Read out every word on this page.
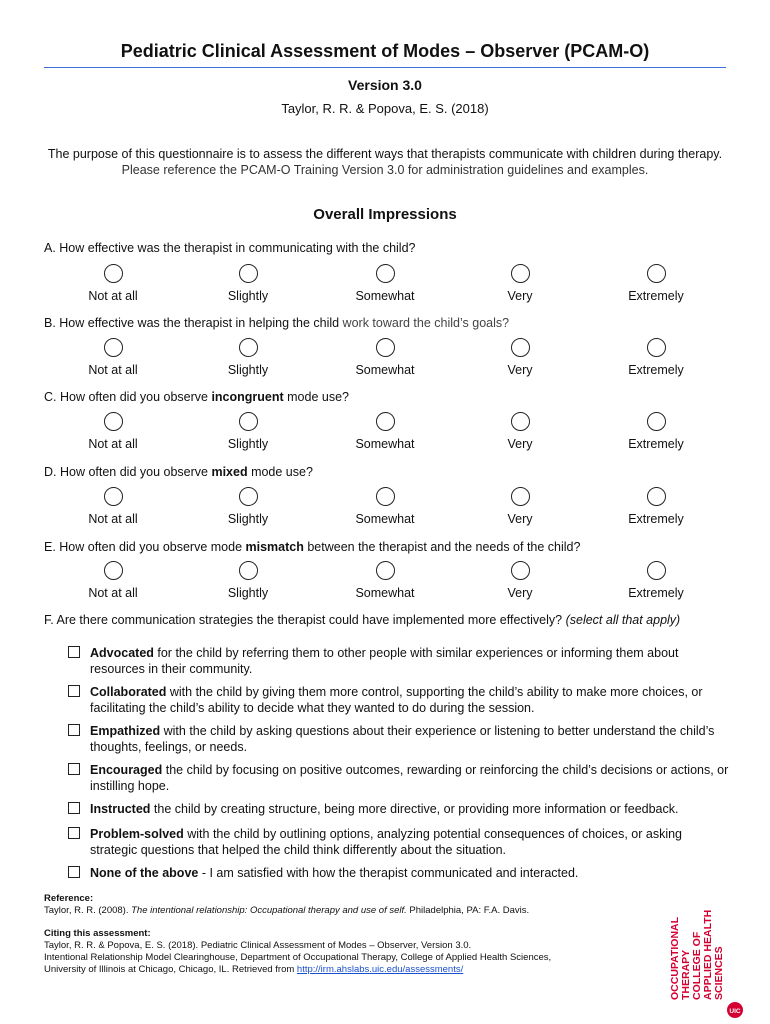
Pediatric Clinical Assessment of Modes – Observer (PCAM-O)
Version 3.0
Taylor, R. R. & Popova, E. S. (2018)
The purpose of this questionnaire is to assess the different ways that therapists communicate with children during therapy.
Please reference the PCAM-O Training Version 3.0 for administration guidelines and examples.
Overall Impressions
A. How effective was the therapist in communicating with the child?
Not at all	Slightly	Somewhat	Very	Extremely
B. How effective was the therapist in helping the child work toward the child’s goals?
Not at all	Slightly	Somewhat	Very	Extremely
C. How often did you observe incongruent mode use?
Not at all	Slightly	Somewhat	Very	Extremely
D. How often did you observe mixed mode use?
Not at all	Slightly	Somewhat	Very	Extremely
E. How often did you observe mode mismatch between the therapist and the needs of the child?
Not at all	Slightly	Somewhat	Very	Extremely
F. Are there communication strategies the therapist could have implemented more effectively? (select all that apply)
Advocated for the child by referring them to other people with similar experiences or informing them about resources in their community.
Collaborated with the child by giving them more control, supporting the child’s ability to make more choices, or facilitating the child’s ability to decide what they wanted to do during the session.
Empathized with the child by asking questions about their experience or listening to better understand the child’s thoughts, feelings, or needs.
Encouraged the child by focusing on positive outcomes, rewarding or reinforcing the child’s decisions or actions, or instilling hope.
Instructed the child by creating structure, being more directive, or providing more information or feedback.
Problem-solved with the child by outlining options, analyzing potential consequences of choices, or asking strategic questions that helped the child think differently about the situation.
None of the above - I am satisfied with how the therapist communicated and interacted.
Reference:
Taylor, R. R. (2008). The intentional relationship: Occupational therapy and use of self. Philadelphia, PA: F.A. Davis.
Citing this assessment:
Taylor, R. R. & Popova, E. S. (2018). Pediatric Clinical Assessment of Modes – Observer, Version 3.0.
Intentional Relationship Model Clearinghouse, Department of Occupational Therapy, College of Applied Health Sciences,
University of Illinois at Chicago, Chicago, IL. Retrieved from http://irm.ahslabs.uic.edu/assessments/	OCCUPATIONAL THERAPY COLLEGE OF APPLIED HEALTH SCIENCES
UIC
